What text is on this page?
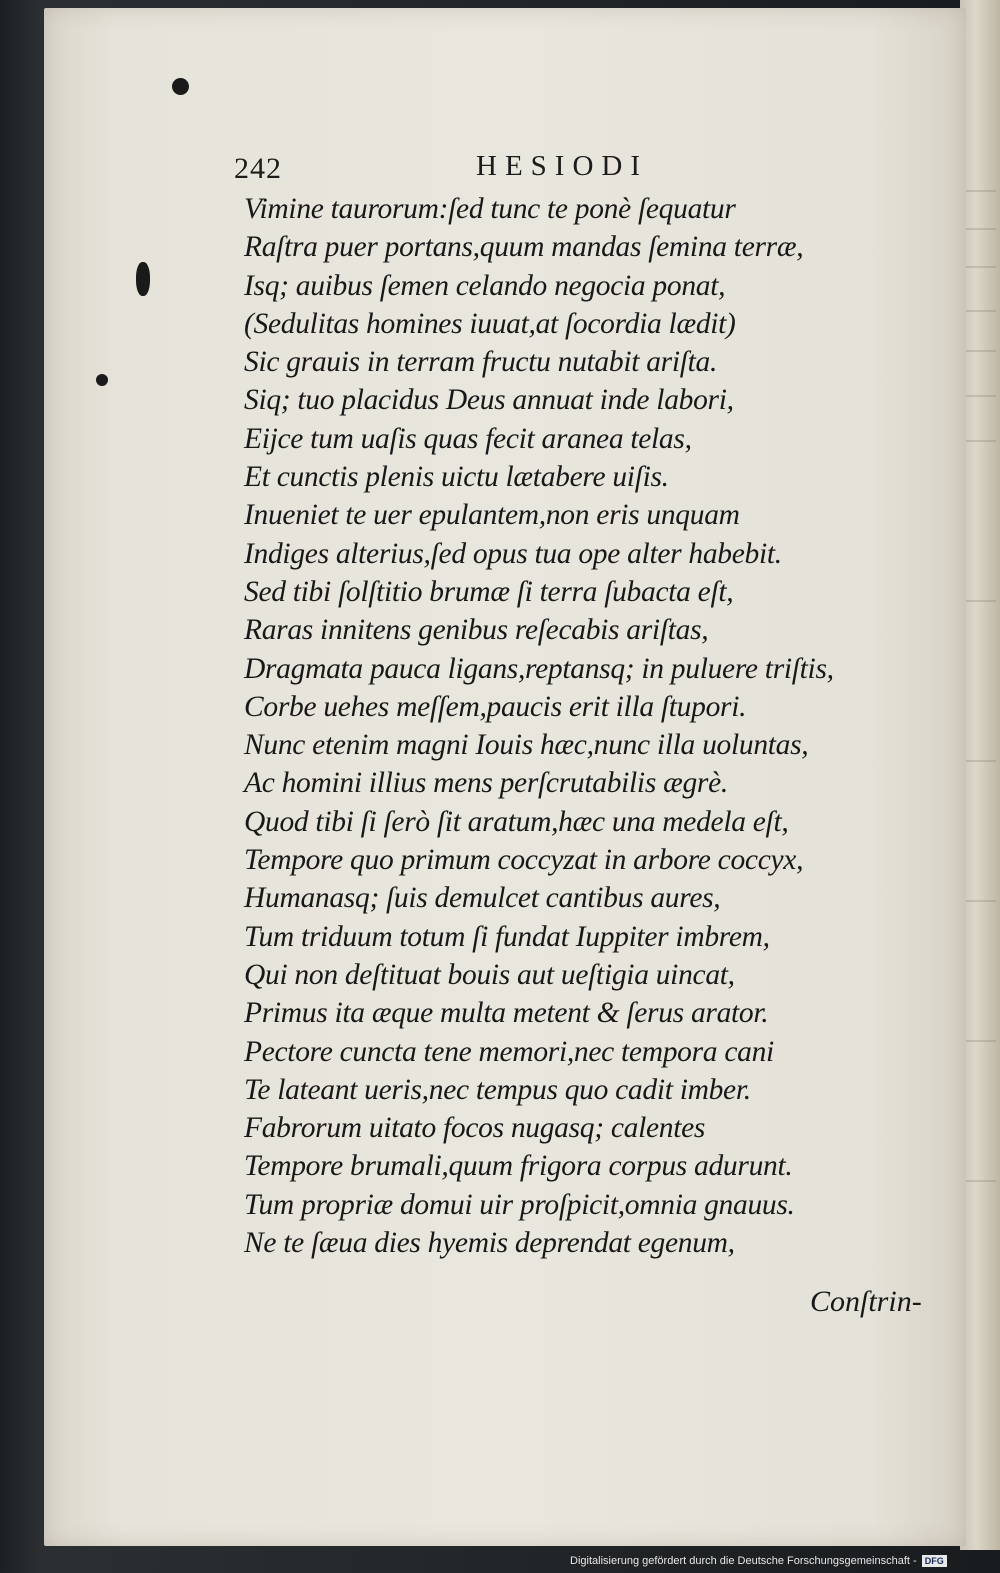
242	HESIODI
Vimine taurorum:ſed tunc te ponè ſequatur
Raſtra puer portans,quum mandas ſemina terræ,
Isq; auibus ſemen celando negocia ponat,
(Sedulitas homines iuuat,at ſocordia lædit)
Sic grauis in terram fructu nutabit ariſta.
Siq; tuo placidus Deus annuat inde labori,
Eijce tum uaſis quas fecit aranea telas,
Et cunctis plenis uictu lætabere uiſis.
Inueniet te uer epulantem,non eris unquam
Indiges alterius,ſed opus tua ope alter habebit.
Sed tibi ſolſtitio brumæ ſi terra ſubacta eſt,
Raras innitens genibus reſecabis ariſtas,
Dragmata pauca ligans,reptansq; in puluere triſtis,
Corbe uehes meſſem,paucis erit illa ſtupori.
Nunc etenim magni Iouis hæc,nunc illa uoluntas,
Ac homini illius mens perſcrutabilis ægrè.
Quod tibi ſi ſerò ſit aratum,hæc una medela eſt,
Tempore quo primum coccyzat in arbore coccyx,
Humanasq; ſuis demulcet cantibus aures,
Tum triduum totum ſi fundat Iuppiter imbrem,
Qui non deſtituat bouis aut ueſtigia uincat,
Primus ita æque multa metent & ſerus arator.
Pectore cuncta tene memori,nec tempora cani
Te lateant ueris,nec tempus quo cadit imber.
Fabrorum uitato focos nugasq; calentes
Tempore brumali,quum frigora corpus adurunt.
Tum propriæ domui uir proſpicit,omnia gnauus.
Ne te ſæua dies hyemis deprendat egenum,
Conſtrin-
Digitalisierung gefördert durch die Deutsche Forschungsgemeinschaft - DFG
